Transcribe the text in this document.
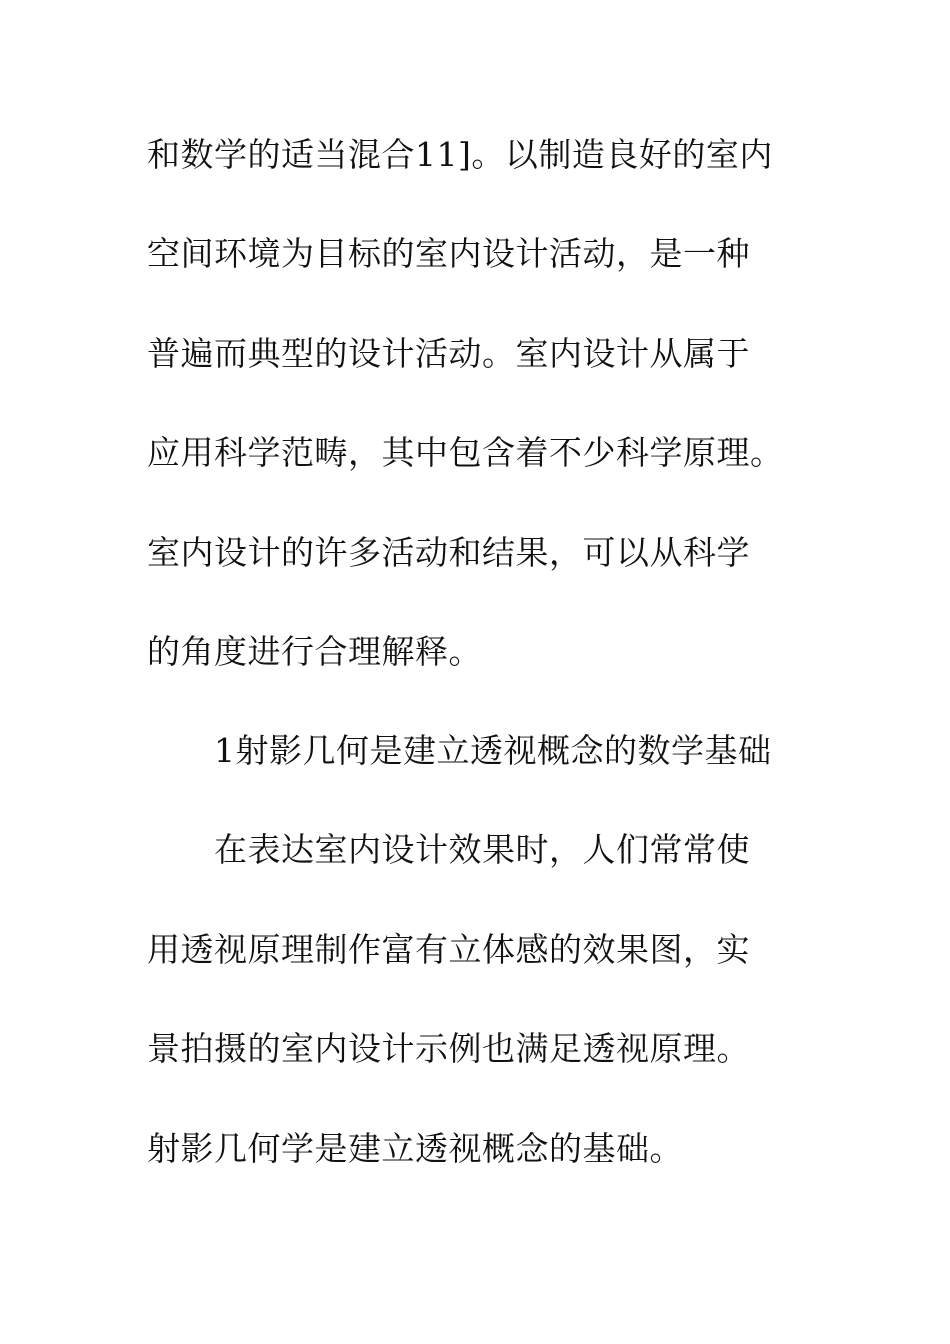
和数学的适当混合11]。以制造良好的室内
空间环境为目标的室内设计活动，是一种
普遍而典型的设计活动。室内设计从属于
应用科学范畴，其中包含着不少科学原理。
室内设计的许多活动和结果，可以从科学
的角度进行合理解释。
1射影几何是建立透视概念的数学基础
在表达室内设计效果时，人们常常使
用透视原理制作富有立体感的效果图，实
景拍摄的室内设计示例也满足透视原理。
射影几何学是建立透视概念的基础。
